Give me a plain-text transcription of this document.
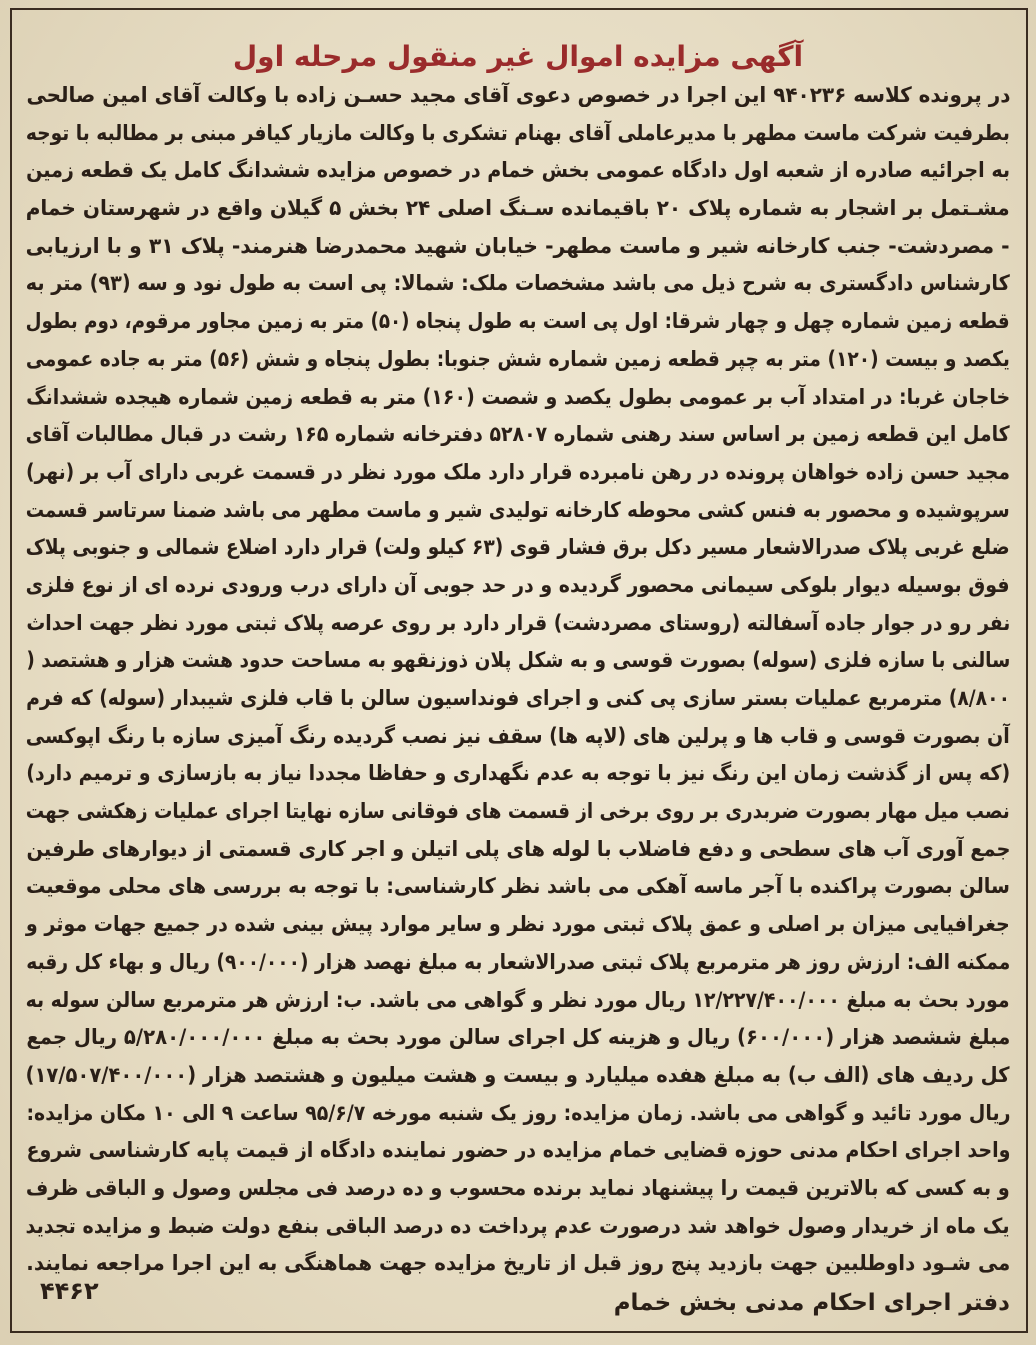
آگهی مزایده اموال غیر منقول مرحله اول
در پرونده کلاسه ۹۴۰۲۳۶ این اجرا در خصوص دعوی آقای مجید حسـن زاده با وکالت آقای امین صالحی
بطرفیت شرکت ماست مطهر با مدیرعاملی آقای بهنام تشکری با وکالت مازیار کیافر مبنی بر مطالبه با توجه
به اجرائیه صادره از شعبه اول دادگاه عمومی بخش خمام در خصوص مزایده ششدانگ کامل یک قطعه زمین
مشـتمل بر اشجار به شماره پلاک ۲۰ باقیمانده سـنگ اصلی ۲۴ بخش ۵ گیلان واقع در شهرستان خمام
- مصردشت- جنب کارخانه شیر و ماست مطهر- خیابان شهید محمدرضا هنرمند- پلاک ۳۱ و با ارزیابی
کارشناس دادگستری به شرح ذیل می باشد مشخصات ملک: شمالا: پی است به طول نود و سه (۹۳) متر به
قطعه زمین شماره چهل و چهار شرقا: اول پی است به طول پنجاه (۵۰) متر به زمین مجاور مرقوم، دوم بطول
یکصد و بیست (۱۲۰) متر به چپر قطعه زمین شماره شش جنوبا: بطول پنجاه و شش (۵۶) متر به جاده عمومی
خاجان غربا: در امتداد آب بر عمومی بطول یکصد و شصت (۱۶۰) متر به قطعه زمین شماره هیجده ششدانگ
کامل این قطعه زمین بر اساس سند رهنی شماره ۵۲۸۰۷ دفترخانه شماره ۱۶۵ رشت در قبال مطالبات آقای
مجید حسن زاده خواهان پرونده در رهن نامبرده قرار دارد ملک مورد نظر در قسمت غربی دارای آب بر (نهر)
سرپوشیده و محصور به فنس کشی محوطه کارخانه تولیدی شیر و ماست مطهر می باشد ضمنا سرتاسر قسمت
ضلع غربی پلاک صدرالاشعار مسیر دکل برق فشار قوی (۶۳ کیلو ولت) قرار دارد اضلاع شمالی و جنوبی پلاک
فوق بوسیله دیوار بلوکی سیمانی محصور گردیده و در حد جوبی آن دارای درب ورودی نرده ای از نوع فلزی
نفر رو در جوار جاده آسفالته (روستای مصردشت) قرار دارد بر روی عرصه پلاک ثبتی مورد نظر جهت احداث
سالنی با سازه فلزی (سوله) بصورت قوسی و به شکل پلان ذوزنقهو به مساحت حدود هشت هزار و هشتصد (
۸/۸۰۰) مترمربع عملیات بستر سازی پی کنی و اجرای فونداسیون سالن با قاب فلزی شیبدار (سوله) که فرم
آن بصورت قوسی و قاب ها و پرلین های (لاپه ها) سقف نیز نصب گردیده رنگ آمیزی سازه با رنگ اپوکسی
(که پس از گذشت زمان این رنگ نیز با توجه به عدم نگهداری و حفاظا مجددا نیاز به بازسازی و ترمیم دارد)
نصب میل مهار بصورت ضربدری بر روی برخی از قسمت های فوقانی سازه نهایتا اجرای عملیات زهکشی جهت
جمع آوری آب های سطحی و دفع فاضلاب با لوله های پلی اتیلن و اجر کاری قسمتی از دیوارهای طرفین
سالن بصورت پراکنده با آجر ماسه آهکی می باشد نظر کارشناسی: با توجه به بررسی های محلی موقعیت
جغرافیایی میزان بر اصلی و عمق پلاک ثبتی مورد نظر و سایر موارد پیش بینی شده در جمیع جهات موثر و
ممکنه الف: ارزش روز هر مترمربع پلاک ثبتی صدرالاشعار به مبلغ نهصد هزار (۹۰۰/۰۰۰) ریال و بهاء کل رقبه
مورد بحث به مبلغ ۱۲/۲۲۷/۴۰۰/۰۰۰ ریال مورد نظر و گواهی می باشد. ب: ارزش هر مترمربع سالن سوله به
مبلغ ششصد هزار (۶۰۰/۰۰۰) ریال و هزینه کل اجرای سالن مورد بحث به مبلغ ۵/۲۸۰/۰۰۰/۰۰۰ ریال جمع
کل ردیف های (الف ب) به مبلغ هفده میلیارد و بیست و هشت میلیون و هشتصد هزار (۱۷/۵۰۷/۴۰۰/۰۰۰)
ریال مورد تائید و گواهی می باشد. زمان مزایده: روز یک شنبه مورخه ۹۵/۶/۷ ساعت ۹ الی ۱۰ مکان مزایده:
واحد اجرای احکام مدنی حوزه قضایی خمام مزایده در حضور نماینده دادگاه از قیمت پایه کارشناسی شروع
و به کسی که بالاترین قیمت را پیشنهاد نماید برنده محسوب و ده درصد فی مجلس وصول و الباقی ظرف
یک ماه از خریدار وصول خواهد شد درصورت عدم پرداخت ده درصد الباقی بنفع دولت ضبط و مزایده تجدید
می شـود داوطلبین جهت بازدید پنج روز قبل از تاریخ مزایده جهت هماهنگی به این اجرا مراجعه نمایند.
۴۴۶۲	دفتر اجرای احکام مدنی بخش خمام
